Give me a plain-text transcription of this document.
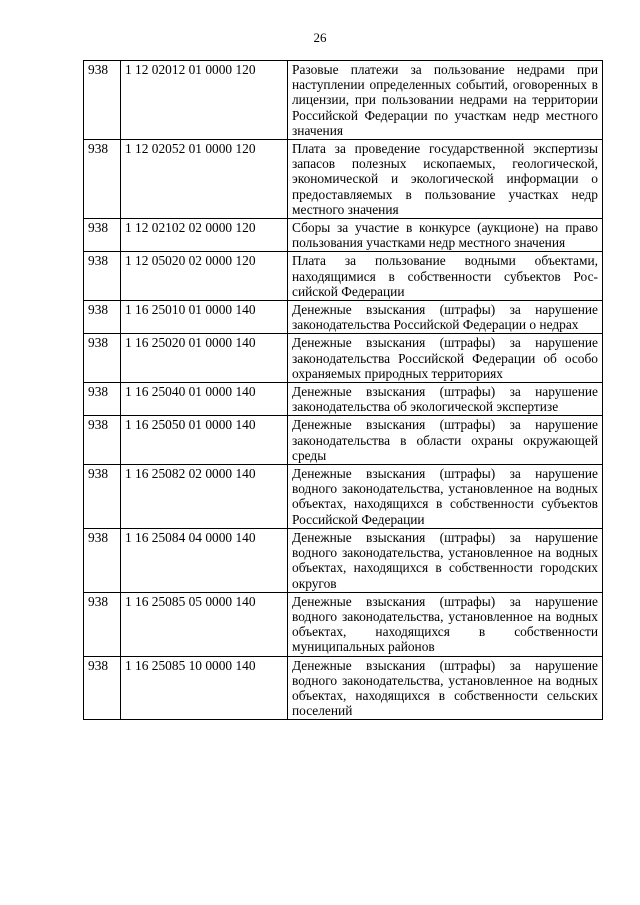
26
938	1 12 02012 01 0000 120	Разовые платежи за пользование недрами при наступлении определенных событий, оговоренных в лицензии, при пользовании недрами на территории Российской Федерации по участкам недр местного значения
938	1 12 02052 01 0000 120	Плата за проведение государственной экспертизы запасов полезных ископаемых, геологической, экономической и экологической информации о предоставляемых в пользование участках недр местного значения
938	1 12 02102 02 0000 120	Сборы за участие в конкурсе (аукционе) на право пользования участками недр местного значения
938	1 12 05020 02 0000 120	Плата за пользование водными объектами, находящимися в собственности субъектов Российской Федерации
938	1 16 25010 01 0000 140	Денежные взыскания (штрафы) за нарушение законодательства Российской Федерации о недрах
938	1 16 25020 01 0000 140	Денежные взыскания (штрафы) за нарушение законодательства Российской Федерации об особо охраняемых природных территориях
938	1 16 25040 01 0000 140	Денежные взыскания (штрафы) за нарушение законодательства об экологической экспертизе
938	1 16 25050 01 0000 140	Денежные взыскания (штрафы) за нарушение законодательства в области охраны окружающей среды
938	1 16 25082 02 0000 140	Денежные взыскания (штрафы) за нарушение водного законодательства, установленное на водных объектах, находящихся в собственности субъектов Российской Федерации
938	1 16 25084 04 0000 140	Денежные взыскания (штрафы) за нарушение водного законодательства, установленное на водных объектах, находящихся в собственности городских округов
938	1 16 25085 05 0000 140	Денежные взыскания (штрафы) за нарушение водного законодательства, установленное на водных объектах, находящихся в собственности муниципальных районов
938	1 16 25085 10 0000 140	Денежные взыскания (штрафы) за нарушение водного законодательства, установленное на водных объектах, находящихся в собственности сельских поселений
